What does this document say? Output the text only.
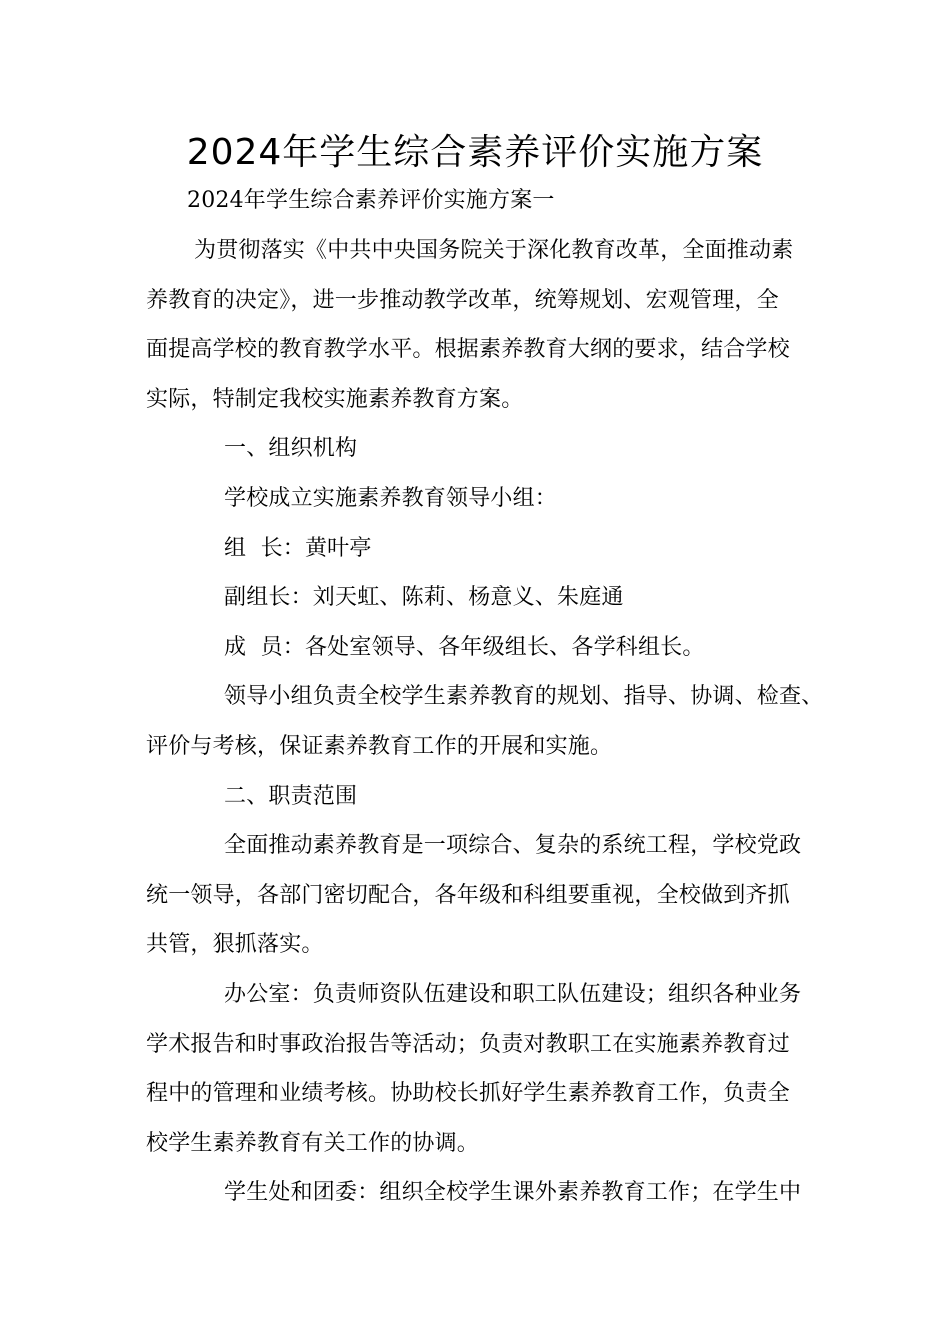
2024年学生综合素养评价实施方案

2024年学生综合素养评价实施方案一

为贯彻落实《中共中央国务院关于深化教育改革，全面推动素

养教育的决定》，进一步推动教学改革，统筹规划、宏观管理，全

面提高学校的教育教学水平。根据素养教育大纲的要求，结合学校

实际，特制定我校实施素养教育方案。

一、组织机构

学校成立实施素养教育领导小组：

组  长：黄叶亭

副组长：刘天虹、陈莉、杨意义、朱庭通

成  员：各处室领导、各年级组长、各学科组长。

领导小组负责全校学生素养教育的规划、指导、协调、检查、

评价与考核，保证素养教育工作的开展和实施。

二、职责范围

全面推动素养教育是一项综合、复杂的系统工程，学校党政

统一领导，各部门密切配合，各年级和科组要重视，全校做到齐抓

共管，狠抓落实。

办公室：负责师资队伍建设和职工队伍建设；组织各种业务

学术报告和时事政治报告等活动；负责对教职工在实施素养教育过

程中的管理和业绩考核。协助校长抓好学生素养教育工作，负责全

校学生素养教育有关工作的协调。

学生处和团委：组织全校学生课外素养教育工作；在学生中
